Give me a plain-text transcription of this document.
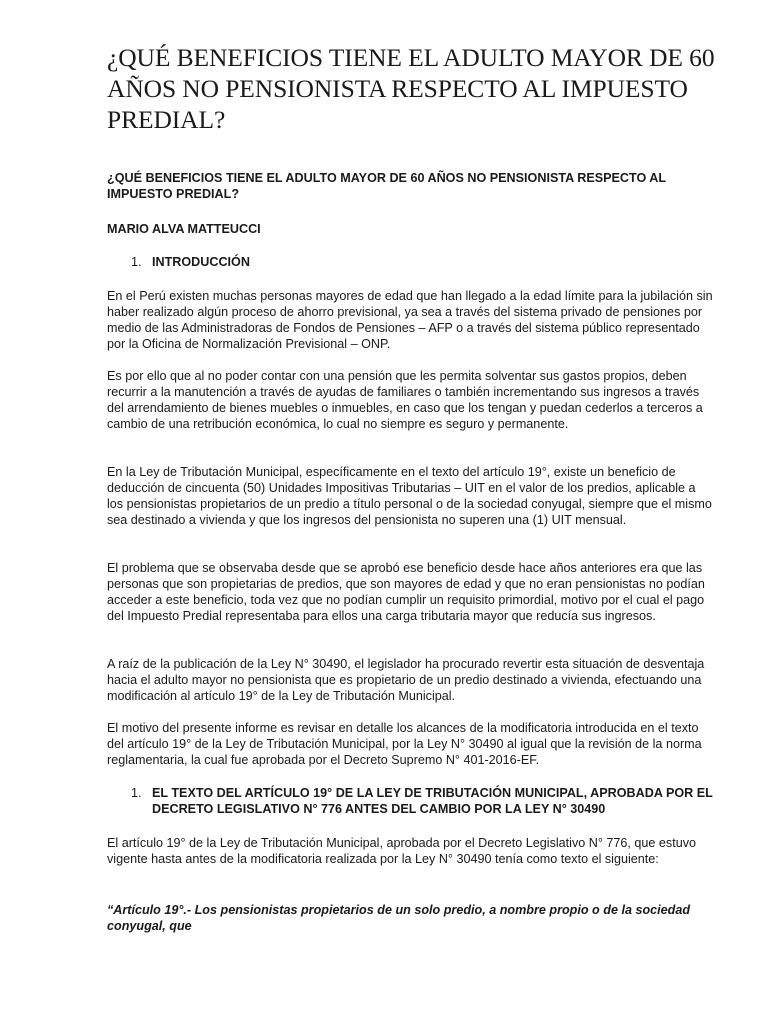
¿QUÉ BENEFICIOS TIENE EL ADULTO MAYOR DE 60 AÑOS NO PENSIONISTA RESPECTO AL IMPUESTO PREDIAL?

¿QUÉ BENEFICIOS TIENE EL ADULTO MAYOR DE 60 AÑOS NO PENSIONISTA RESPECTO AL IMPUESTO PREDIAL?

MARIO ALVA MATTEUCCI

1. INTRODUCCIÓN

En el Perú existen muchas personas mayores de edad que han llegado a la edad límite para la jubilación sin haber realizado algún proceso de ahorro previsional, ya sea a través del sistema privado de pensiones por medio de las Administradoras de Fondos de Pensiones – AFP o a través del sistema público representado por la Oficina de Normalización Previsional – ONP.

Es por ello que al no poder contar con una pensión que les permita solventar sus gastos propios, deben recurrir a la manutención a través de ayudas de familiares o también incrementando sus ingresos a través del arrendamiento de bienes muebles o inmuebles, en caso que los tengan y puedan cederlos a terceros a cambio de una retribución económica, lo cual no siempre es seguro y permanente.

En la Ley de Tributación Municipal, específicamente en el texto del artículo 19°, existe un beneficio de deducción de cincuenta (50) Unidades Impositivas Tributarias – UIT en el valor de los predios, aplicable a los pensionistas propietarios de un predio a título personal o de la sociedad conyugal, siempre que el mismo sea destinado a vivienda y que los ingresos del pensionista no superen una (1) UIT mensual.

El problema que se observaba desde que se aprobó ese beneficio desde hace años anteriores era que las personas que son propietarias de predios, que son mayores de edad y que no eran pensionistas no podían acceder a este beneficio, toda vez que no podían cumplir un requisito primordial, motivo por el cual el pago del Impuesto Predial representaba para ellos una carga tributaria mayor que reducía sus ingresos.

A raíz de la publicación de la Ley N° 30490, el legislador ha procurado revertir esta situación de desventaja hacia el adulto mayor no pensionista que es propietario de un predio destinado a vivienda, efectuando una modificación al artículo 19° de la Ley de Tributación Municipal.

El motivo del presente informe es revisar en detalle los alcances de la modificatoria introducida en el texto del artículo 19° de la Ley de Tributación Municipal, por la Ley N° 30490 al igual que la revisión de la norma reglamentaria, la cual fue aprobada por el Decreto Supremo N° 401-2016-EF.

1. EL TEXTO DEL ARTÍCULO 19° DE LA LEY DE TRIBUTACIÓN MUNICIPAL, APROBADA POR EL DECRETO LEGISLATIVO N° 776 ANTES DEL CAMBIO POR LA LEY N° 30490

El artículo 19° de la Ley de Tributación Municipal, aprobada por el Decreto Legislativo N° 776, que estuvo vigente hasta antes de la modificatoria realizada por la Ley N° 30490 tenía como texto el siguiente:

“Artículo 19°.- Los pensionistas propietarios de un solo predio, a nombre propio o de la sociedad conyugal, que
